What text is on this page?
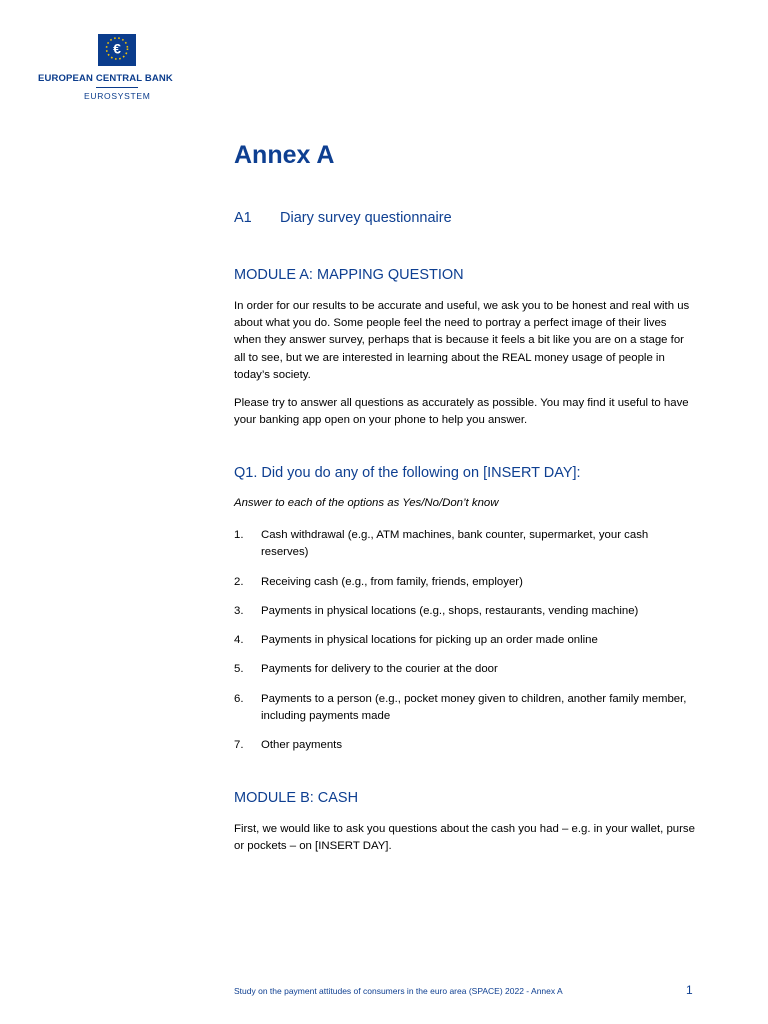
€
EUROPEAN CENTRAL BANK
EUROSYSTEM
Annex A
A1 Diary survey questionnaire
MODULE A: MAPPING QUESTION
In order for our results to be accurate and useful, we ask you to be honest and real with us about what you do. Some people feel the need to portray a perfect image of their lives when they answer survey, perhaps that is because it feels a bit like you are on a stage for all to see, but we are interested in learning about the REAL money usage of people in today’s society.
Please try to answer all questions as accurately as possible. You may find it useful to have your banking app open on your phone to help you answer.
Q1. Did you do any of the following on [INSERT DAY]:
Answer to each of the options as Yes/No/Don’t know
1. Cash withdrawal (e.g., ATM machines, bank counter, supermarket, your cash reserves)
2. Receiving cash (e.g., from family, friends, employer)
3. Payments in physical locations (e.g., shops, restaurants, vending machine)
4. Payments in physical locations for picking up an order made online
5. Payments for delivery to the courier at the door
6. Payments to a person (e.g., pocket money given to children, another family member, including payments made
7. Other payments
MODULE B: CASH
First, we would like to ask you questions about the cash you had – e.g. in your wallet, purse or pockets – on [INSERT DAY].
Study on the payment attitudes of consumers in the euro area (SPACE) 2022 - Annex A	1
